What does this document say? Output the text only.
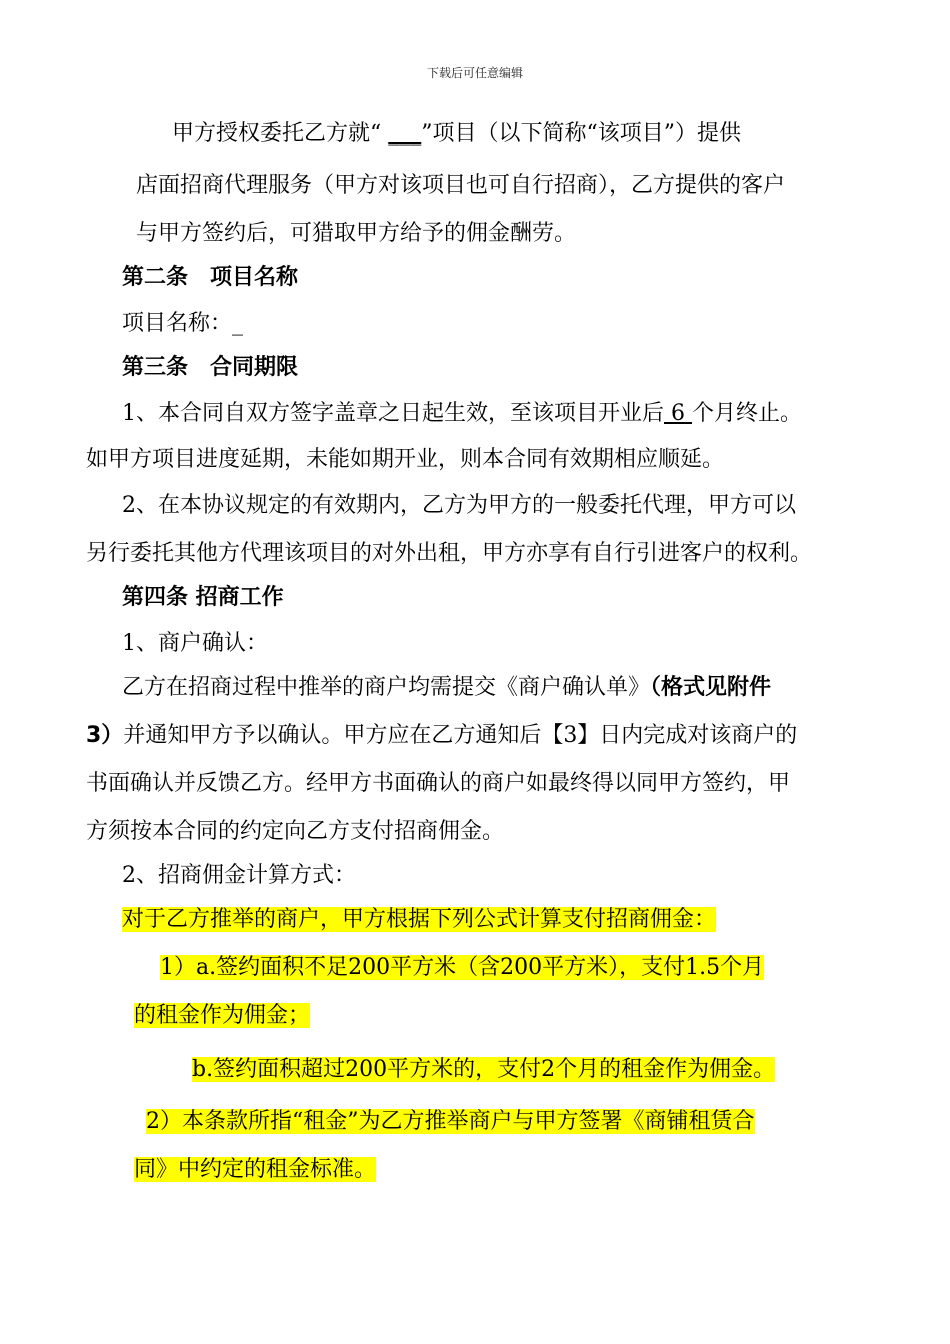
下载后可任意编辑
甲方授权委托乙方就“ ___”项目（以下简称“该项目”）提供
店面招商代理服务（甲方对该项目也可自行招商），乙方提供的客户
与甲方签约后，可猎取甲方给予的佣金酬劳。
第二条　项目名称
项目名称：_
第三条　合同期限
1、本合同自双方签字盖章之日起生效，至该项目开业后 6 个月终止。
如甲方项目进度延期，未能如期开业，则本合同有效期相应顺延。
2、在本协议规定的有效期内，乙方为甲方的一般委托代理，甲方可以
另行委托其他方代理该项目的对外出租，甲方亦享有自行引进客户的权利。
第四条 招商工作
1、商户确认：
乙方在招商过程中推举的商户均需提交《商户确认单》（格式见附件
3）并通知甲方予以确认。甲方应在乙方通知后【3】日内完成对该商户的
书面确认并反馈乙方。经甲方书面确认的商户如最终得以同甲方签约，甲
方须按本合同的约定向乙方支付招商佣金。
2、招商佣金计算方式：
对于乙方推举的商户，甲方根据下列公式计算支付招商佣金：
1）a.签约面积不足200平方米（含200平方米），支付1.5个月
的租金作为佣金；
b.签约面积超过200平方米的，支付2个月的租金作为佣金。
2）本条款所指“租金”为乙方推举商户与甲方签署《商铺租赁合
同》中约定的租金标准。
